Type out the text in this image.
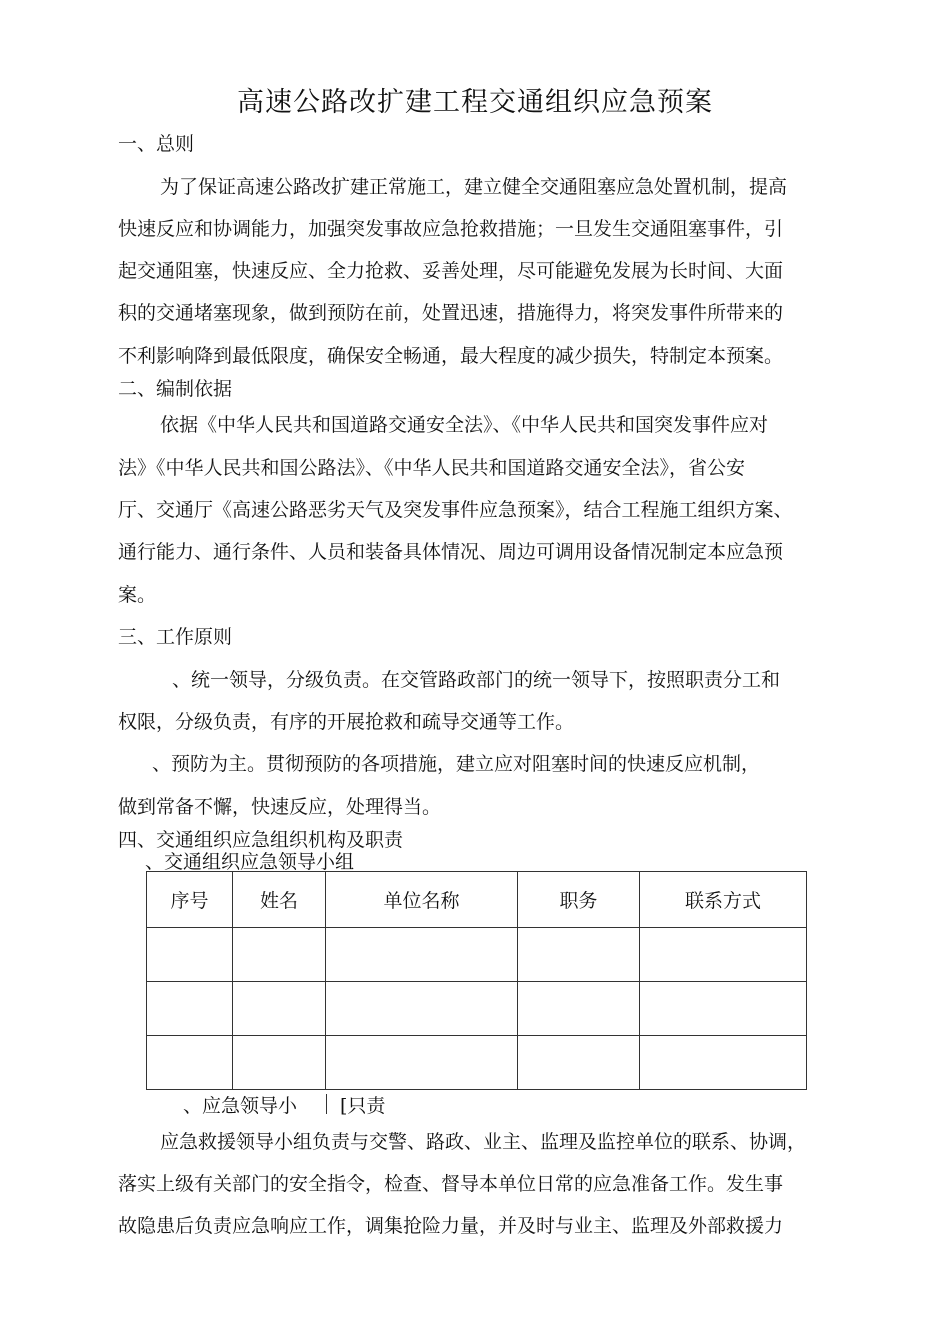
高速公路改扩建工程交通组织应急预案
一、总则
为了保证高速公路改扩建正常施工，建立健全交通阻塞应急处置机制，提高
快速反应和协调能力，加强突发事故应急抢救措施；一旦发生交通阻塞事件，引
起交通阻塞，快速反应、全力抢救、妥善处理，尽可能避免发展为长时间、大面
积的交通堵塞现象，做到预防在前，处置迅速，措施得力，将突发事件所带来的
不利影响降到最低限度，确保安全畅通，最大程度的减少损失，特制定本预案。
二、编制依据
依据《中华人民共和国道路交通安全法》、《中华人民共和国突发事件应对
法》《中华人民共和国公路法》、《中华人民共和国道路交通安全法》，省公安
厅、交通厅《高速公路恶劣天气及突发事件应急预案》，结合工程施工组织方案、
通行能力、通行条件、人员和装备具体情况、周边可调用设备情况制定本应急预
案。
三、工作原则
、统一领导，分级负责。在交管路政部门的统一领导下，按照职责分工和
权限，分级负责，有序的开展抢救和疏导交通等工作。
、预防为主。贯彻预防的各项措施，建立应对阻塞时间的快速反应机制，
做到常备不懈，快速反应，处理得当。
四、交通组织应急组织机构及职责
、交通组织应急领导小组
序号	姓名	单位名称	职务	联系方式

、应急领导小 [只责
应急救援领导小组负责与交警、路政、业主、监理及监控单位的联系、协调，
落实上级有关部门的安全指令，检查、督导本单位日常的应急准备工作。发生事
故隐患后负责应急响应工作，调集抢险力量，并及时与业主、监理及外部救援力
